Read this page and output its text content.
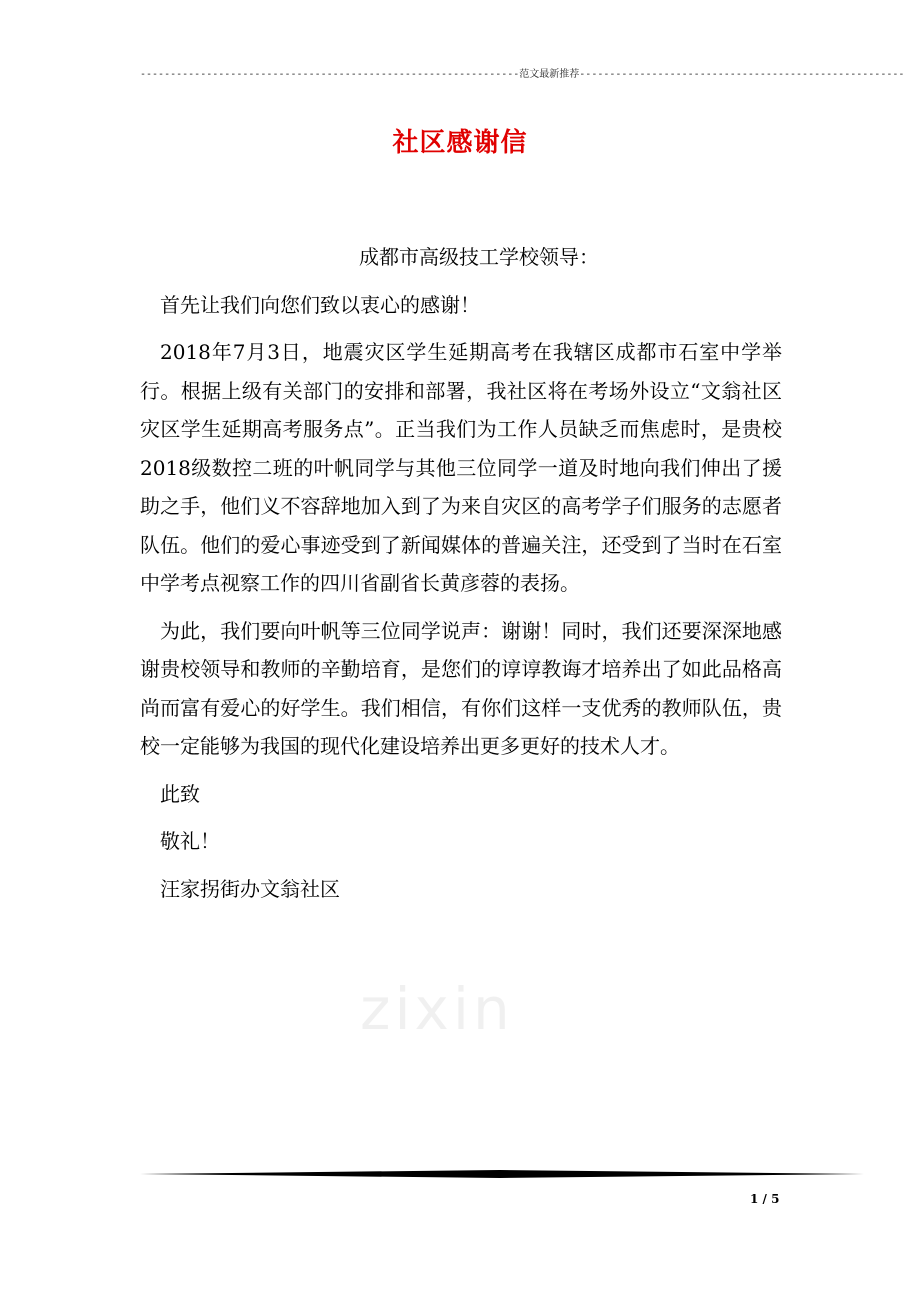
---------------------------------------------------------------范文最新推荐------------------------------------------------------
社区感谢信

成都市高级技工学校领导：

首先让我们向您们致以衷心的感谢！

2018年7月3日，地震灾区学生延期高考在我辖区成都市石室中学举行。根据上级有关部门的安排和部署，我社区将在考场外设立“文翁社区灾区学生延期高考服务点”。正当我们为工作人员缺乏而焦虑时，是贵校2018级数控二班的叶帆同学与其他三位同学一道及时地向我们伸出了援助之手，他们义不容辞地加入到了为来自灾区的高考学子们服务的志愿者队伍。他们的爱心事迹受到了新闻媒体的普遍关注，还受到了当时在石室中学考点视察工作的四川省副省长黄彦蓉的表扬。

为此，我们要向叶帆等三位同学说声：谢谢！同时，我们还要深深地感谢贵校领导和教师的辛勤培育，是您们的谆谆教诲才培养出了如此品格高尚而富有爱心的好学生。我们相信，有你们这样一支优秀的教师队伍，贵校一定能够为我国的现代化建设培养出更多更好的技术人才。

此致

敬礼！

汪家拐街办文翁社区

zixin
1 / 5
